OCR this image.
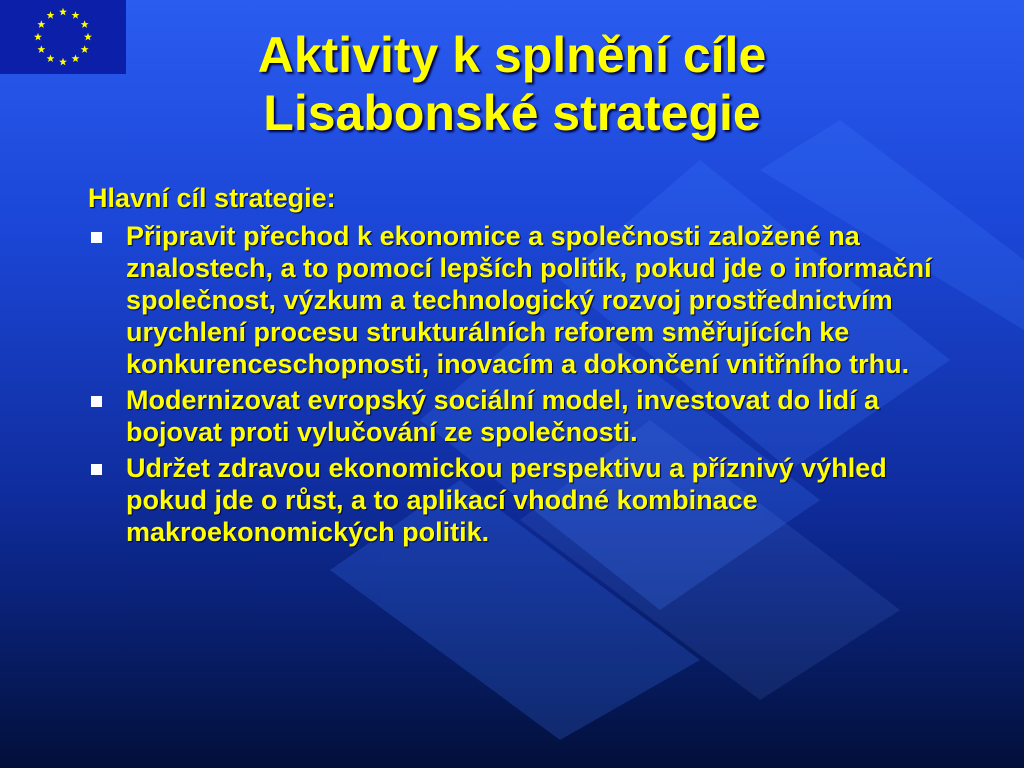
Aktivity k splnění cíle
Lisabonské strategie

Hlavní cíl strategie:

Připravit přechod k ekonomice a společnosti založené na znalostech, a to pomocí lepších politik, pokud jde o informační společnost, výzkum a technologický rozvoj prostřednictvím urychlení procesu strukturálních reforem směřujících ke konkurenceschopnosti, inovacím a dokončení vnitřního trhu.
Modernizovat evropský sociální model, investovat do lidí a bojovat proti vylučování ze společnosti.
Udržet zdravou ekonomickou perspektivu a příznivý výhled pokud jde o růst, a to aplikací vhodné kombinace makroekonomických politik.
